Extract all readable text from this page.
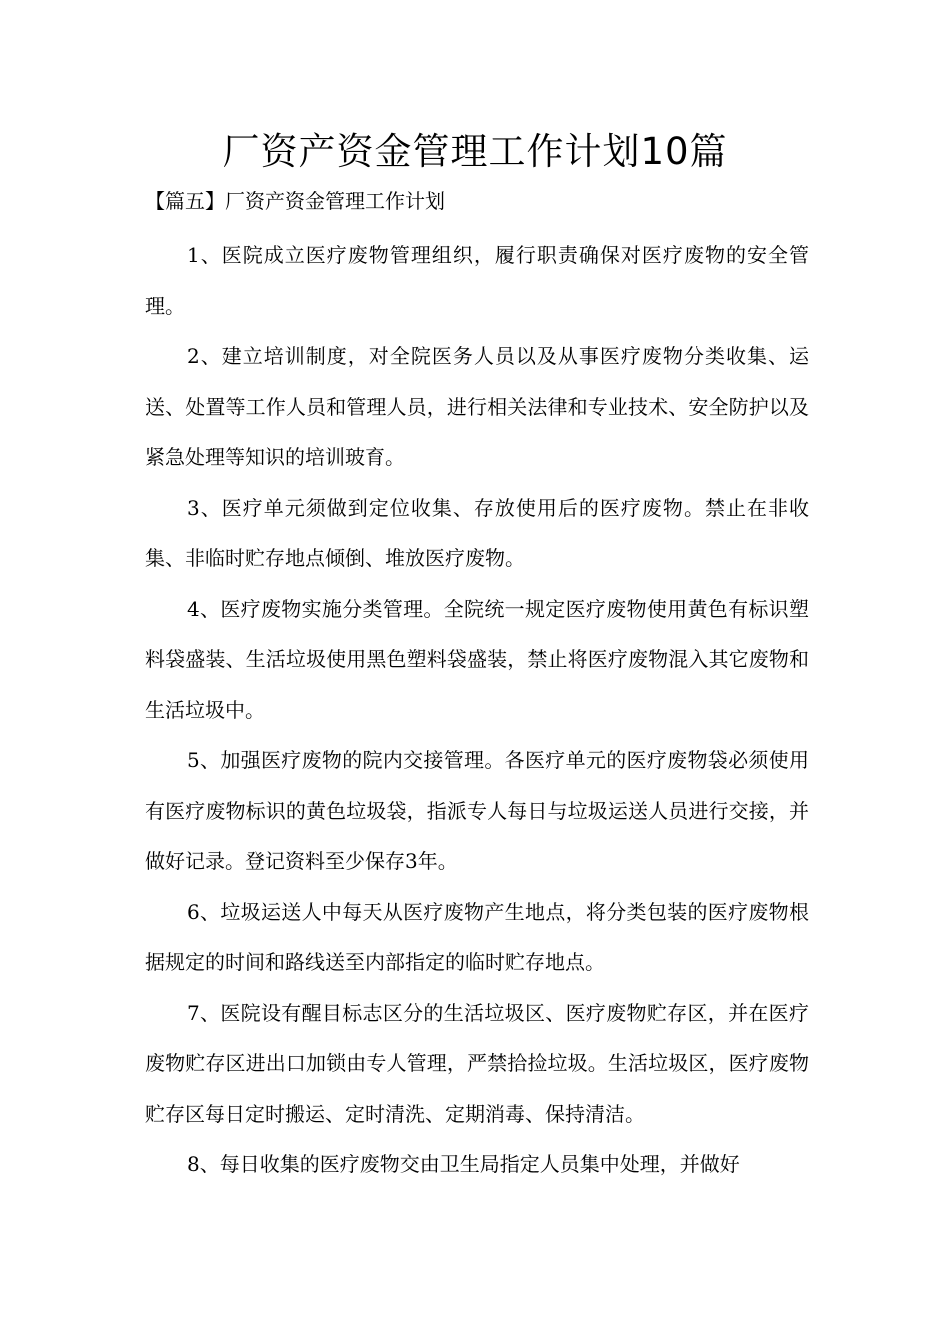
厂资产资金管理工作计划10篇
【篇五】厂资产资金管理工作计划

1、医院成立医疗废物管理组织，履行职责确保对医疗废物的安全管理。

2、建立培训制度，对全院医务人员以及从事医疗废物分类收集、运送、处置等工作人员和管理人员，进行相关法律和专业技术、安全防护以及紧急处理等知识的培训玻育。

3、医疗单元须做到定位收集、存放使用后的医疗废物。禁止在非收集、非临时贮存地点倾倒、堆放医疗废物。

4、医疗废物实施分类管理。全院统一规定医疗废物使用黄色有标识塑料袋盛装、生活垃圾使用黑色塑料袋盛装，禁止将医疗废物混入其它废物和生活垃圾中。

5、加强医疗废物的院内交接管理。各医疗单元的医疗废物袋必须使用有医疗废物标识的黄色垃圾袋，指派专人每日与垃圾运送人员进行交接，并做好记录。登记资料至少保存3年。

6、垃圾运送人中每天从医疗废物产生地点，将分类包装的医疗废物根据规定的时间和路线送至内部指定的临时贮存地点。

7、医院设有醒目标志区分的生活垃圾区、医疗废物贮存区，并在医疗废物贮存区进出口加锁由专人管理，严禁拾捡垃圾。生活垃圾区，医疗废物贮存区每日定时搬运、定时清洗、定期消毒、保持清洁。

8、每日收集的医疗废物交由卫生局指定人员集中处理，并做好
